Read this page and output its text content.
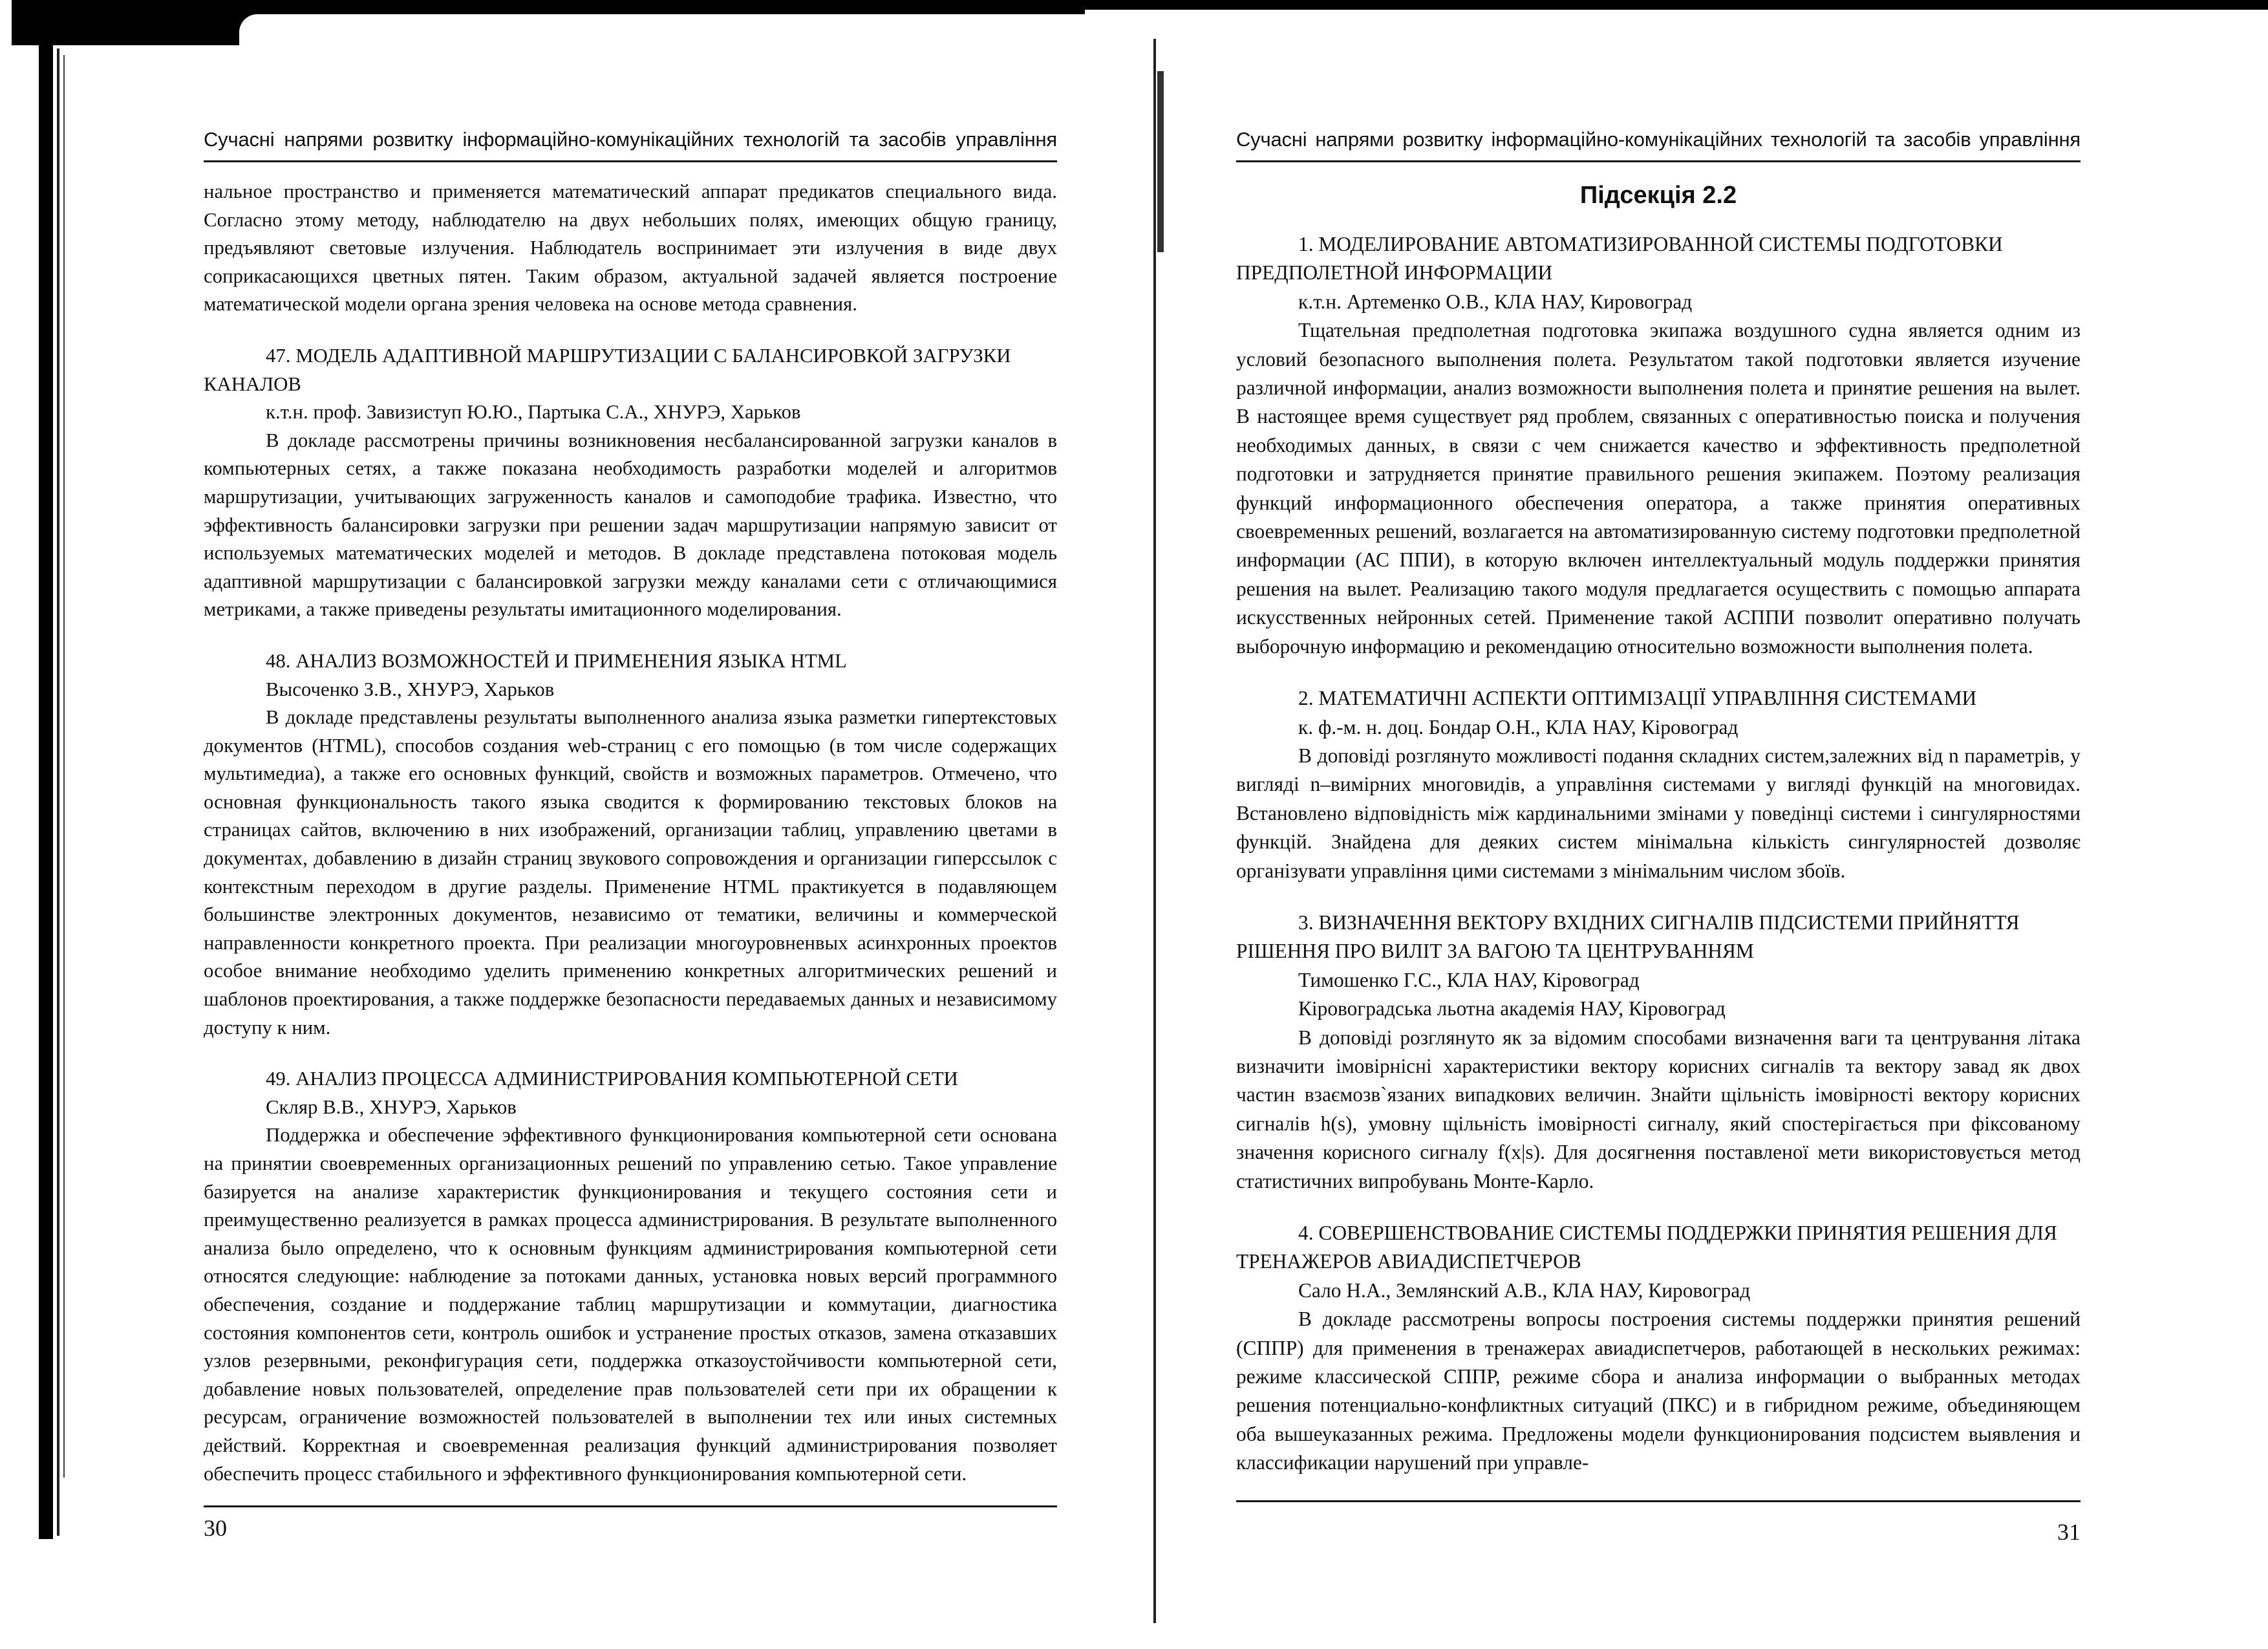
Сучасні напрями розвитку інформаційно-комунікаційних технологій та засобів управління

нальное пространство и применяется математический аппарат предикатов специального вида. Согласно этому методу, наблюдателю на двух небольших полях, имеющих общую границу, предъявляют световые излучения. Наблюдатель воспринимает эти излучения в виде двух соприкасающихся цветных пятен. Таким образом, актуальной задачей является построение математической модели органа зрения человека на основе метода сравнения.

47. МОДЕЛЬ АДАПТИВНОЙ МАРШРУТИЗАЦИИ С БАЛАНСИРОВКОЙ ЗАГРУЗКИ КАНАЛОВ

к.т.н. проф. Завизиступ Ю.Ю., Партыка С.А., ХНУРЭ, Харьков

В докладе рассмотрены причины возникновения несбалансированной загрузки каналов в компьютерных сетях, а также показана необходимость разработки моделей и алгоритмов маршрутизации, учитывающих загруженность каналов и самоподобие трафика. Известно, что эффективность балансировки загрузки при решении задач маршрутизации напрямую зависит от используемых математических моделей и методов. В докладе представлена потоковая модель адаптивной маршрутизации с балансировкой загрузки между каналами сети с отличающимися метриками, а также приведены результаты имитационного моделирования.

48. АНАЛИЗ ВОЗМОЖНОСТЕЙ И ПРИМЕНЕНИЯ ЯЗЫКА HTML

Высоченко З.В., ХНУРЭ, Харьков

В докладе представлены результаты выполненного анализа языка разметки гипертекстовых документов (HTML), способов создания web-страниц с его помощью (в том числе содержащих мультимедиа), а также его основных функций, свойств и возможных параметров. Отмечено, что основная функциональность такого языка сводится к формированию текстовых блоков на страницах сайтов, включению в них изображений, организации таблиц, управлению цветами в документах, добавлению в дизайн страниц звукового сопровождения и организации гиперссылок с контекстным переходом в другие разделы. Применение HTML практикуется в подавляющем большинстве электронных документов, независимо от тематики, величины и коммерческой направленности конкретного проекта. При реализации многоуровненвых асинхронных проектов особое внимание необходимо уделить применению конкретных алгоритмических решений и шаблонов проектирования, а также поддержке безопасности передаваемых данных и независимому доступу к ним.

49. АНАЛИЗ ПРОЦЕССА АДМИНИСТРИРОВАНИЯ КОМПЬЮТЕРНОЙ СЕТИ

Скляр В.В., ХНУРЭ, Харьков

Поддержка и обеспечение эффективного функционирования компьютерной сети основана на принятии своевременных организационных решений по управлению сетью. Такое управление базируется на анализе характеристик функционирования и текущего состояния сети и преимущественно реализуется в рамках процесса администрирования. В результате выполненного анализа было определено, что к основным функциям администрирования компьютерной сети относятся следующие: наблюдение за потоками данных, установка новых версий программного обеспечения, создание и поддержание таблиц маршрутизации и коммутации, диагностика состояния компонентов сети, контроль ошибок и устранение простых отказов, замена отказавших узлов резервными, реконфигурация сети, поддержка отказоустойчивости компьютерной сети, добавление новых пользователей, определение прав пользователей сети при их обращении к ресурсам, ограничение возможностей пользователей в выполнении тех или иных системных действий. Корректная и своевременная реализация функций администрирования позволяет обеспечить процесс стабильного и эффективного функционирования компьютерной сети.

30
Сучасні напрями розвитку інформаційно-комунікаційних технологій та засобів управління
Підсекція 2.2

1. МОДЕЛИРОВАНИЕ АВТОМАТИЗИРОВАННОЙ СИСТЕМЫ ПОДГОТОВКИ ПРЕДПОЛЕТНОЙ ИНФОРМАЦИИ

к.т.н. Артеменко О.В., КЛА НАУ, Кировоград

Тщательная предполетная подготовка экипажа воздушного судна является одним из условий безопасного выполнения полета. Результатом такой подготовки является изучение различной информации, анализ возможности выполнения полета и принятие решения на вылет. В настоящее время существует ряд проблем, связанных с оперативностью поиска и получения необходимых данных, в связи с чем снижается качество и эффективность предполетной подготовки и затрудняется принятие правильного решения экипажем. Поэтому реализация функций информационного обеспечения оператора, а также принятия оперативных своевременных решений, возлагается на автоматизированную систему подготовки предполетной информации (АС ППИ), в которую включен интеллектуальный модуль поддержки принятия решения на вылет. Реализацию такого модуля предлагается осуществить с помощью аппарата искусственных нейронных сетей. Применение такой АСППИ позволит оперативно получать выборочную информацию и рекомендацию относительно возможности выполнения полета.

2. МАТЕМАТИЧНІ АСПЕКТИ ОПТИМІЗАЦІЇ УПРАВЛІННЯ СИСТЕМАМИ

к. ф.-м. н. доц. Бондар О.Н., КЛА НАУ, Кіровоград

В доповіді розглянуто можливості подання складних систем,залежних від n параметрів, у вигляді n–вимірних многовидів, а управління системами у вигляді функцій на многовидах. Встановлено відповідність між кардинальними змінами у поведінці системи і сингулярностями функцій. Знайдена для деяких систем мінімальна кількість сингулярностей дозволяє організувати управління цими системами з мінімальним числом збоїв.

3. ВИЗНАЧЕННЯ ВЕКТОРУ ВХІДНИХ СИГНАЛІВ ПІДСИСТЕМИ ПРИЙНЯТТЯ РІШЕННЯ ПРО ВИЛІТ ЗА ВАГОЮ ТА ЦЕНТРУВАННЯМ

Тимошенко Г.С., КЛА НАУ, Кіровоград

Кіровоградська льотна академія НАУ, Кіровоград

В доповіді розглянуто як за відомим способами визначення ваги та центрування літака визначити імовірнісні характеристики вектору корисних сигналів та вектору завад як двох частин взаємозв`язаних випадкових величин. Знайти щільність імовірності вектору корисних сигналів h(s), умовну щільність імовірності сигналу, який спостерігається при фіксованому значення корисного сигналу f(x|s). Для досягнення поставленої мети використовується метод статистичних випробувань Монте-Карло.

4. СОВЕРШЕНСТВОВАНИЕ СИСТЕМЫ ПОДДЕРЖКИ ПРИНЯТИЯ РЕШЕНИЯ ДЛЯ ТРЕНАЖЕРОВ АВИАДИСПЕТЧЕРОВ

Сало Н.А., Землянский А.В., КЛА НАУ, Кировоград

В докладе рассмотрены вопросы построения системы поддержки принятия решений (СППР) для применения в тренажерах авиадиспетчеров, работающей в нескольких режимах: режиме классической СППР, режиме сбора и анализа информации о выбранных методах решения потенциально-конфликтных ситуаций (ПКС) и в гибридном режиме, объединяющем оба вышеуказанных режима. Предложены модели функционирования подсистем выявления и классификации нарушений при управле-

31
